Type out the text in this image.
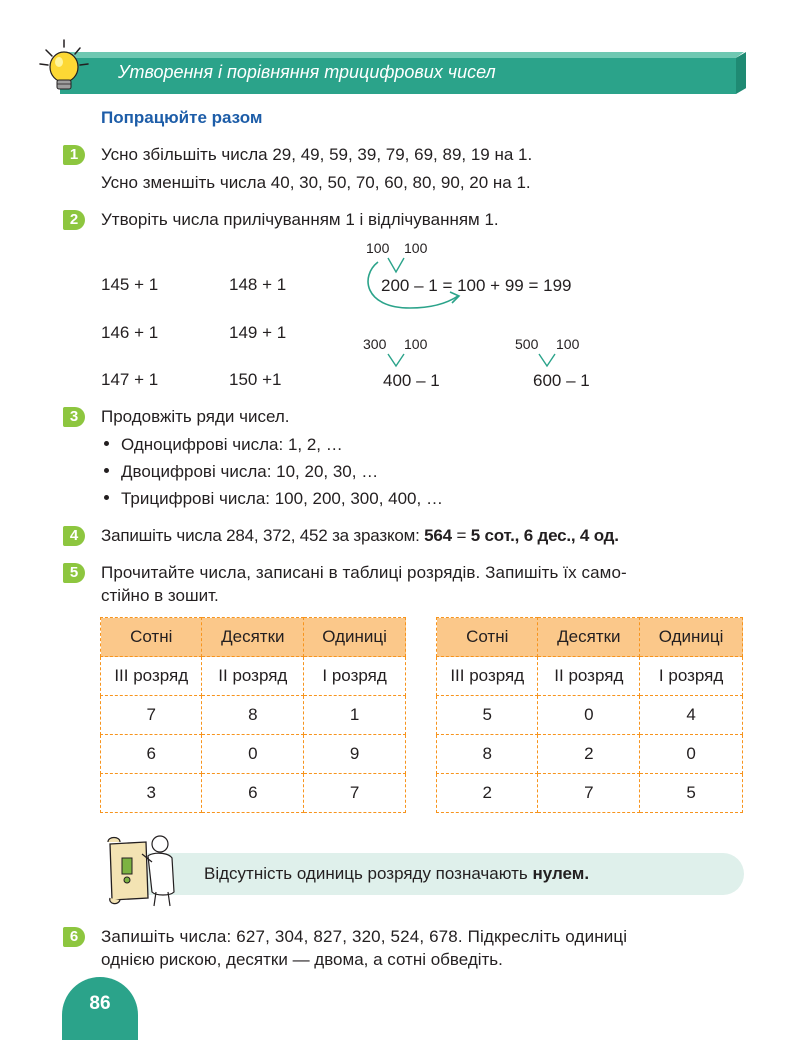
Утворення і порівняння трицифрових чисел
Попрацюйте разом
1	Усно збільшіть числа 29, 49, 59, 39, 79, 69, 89, 19 на 1.
Усно зменшіть числа 40, 30, 50, 70, 60, 80, 90, 20 на 1.
2	Утворіть числа прилічуванням 1 і відлічуванням 1.
145 + 1	148 + 1
146 + 1	149 + 1
147 + 1	150 +1
100 100
200 – 1 = 100 + 99 = 199
300 100
400 – 1
500 100
600 – 1
3	Продовжіть ряди чисел.
Одноцифрові числа: 1, 2, …
Двоцифрові числа: 10, 20, 30, …
Трицифрові числа: 100, 200, 300, 400, …
4	Запишіть числа 284, 372, 452 за зразком: 564 = 5 сот., 6 дес., 4 од.
5	Прочитайте числа, записані в таблиці розрядів. Запишіть їх само-
стійно в зошит.
Сотні	Десятки	Одиниці
III розряд	II розряд	I розряд
7	8	1
6	0	9
3	6	7
Сотні	Десятки	Одиниці
III розряд	II розряд	I розряд
5	0	4
8	2	0
2	7	5
Відсутність одиниць розряду позначають нулем.
6	Запишіть числа: 627, 304, 827, 320, 524, 678. Підкресліть одиниці
однією рискою, десятки — двома, а сотні обведіть.
86
